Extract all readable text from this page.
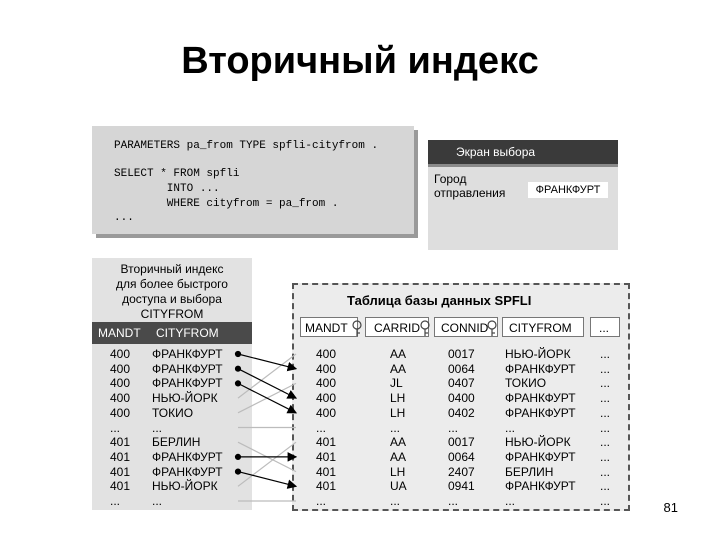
Вторичный индекс
PARAMETERS pa_from TYPE spfli-cityfrom .
SELECT * FROM spfli
INTO ...
WHERE cityfrom = pa_from .
...
Экран выбора
Город
отправления	ФРАНКФУРТ
Вторичный индекс
для более быстрого
доступа и выбора
CITYFROM
MANDT	CITYFROM
400 ФРАНКФУРТ
400 ФРАНКФУРТ
400 ФРАНКФУРТ
400 НЬЮ-ЙОРК
400 ТОКИО
...	...
401 БЕРЛИН
401 ФРАНКФУРТ
401 ФРАНКФУРТ
401 НЬЮ-ЙОРК
...	...
Таблица базы данных SPFLI
MANDT	CARRID	CONNID	CITYFROM	...
400	AA	0017	НЬЮ-ЙОРК ...
400	AA	0064	ФРАНКФУРТ ...
400	JL	0407	ТОКИО	...
400	LH	0400	ФРАНКФУРТ ...
400	LH	0402	ФРАНКФУРТ ...
...	...	...	...	...
401	AA	0017	НЬЮ-ЙОРК ...
401	AA	0064	ФРАНКФУРТ ...
401	LH	2407	БЕРЛИН	...
401	UA	0941	ФРАНКФУРТ ...
...	...	...	...	...	81
